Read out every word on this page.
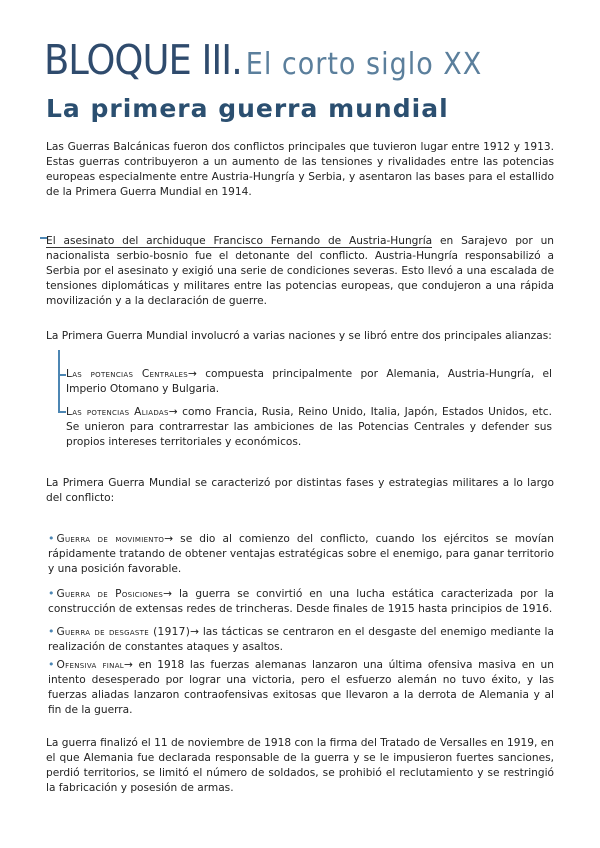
BLOQUE III. El corto siglo XX
La primera guerra mundial
Las Guerras Balcánicas fueron dos conflictos principales que tuvieron lugar entre 1912 y 1913. Estas guerras contribuyeron a un aumento de las tensiones y rivalidades entre las potencias europeas especialmente entre Austria-Hungría y Serbia, y asentaron las bases para el estallido de la Primera Guerra Mundial en 1914.
El asesinato del archiduque Francisco Fernando de Austria-Hungría en Sarajevo por un nacionalista serbio-bosnio fue el detonante del conflicto. Austria-Hungría responsabilizó a Serbia por el asesinato y exigió una serie de condiciones severas. Esto llevó a una escalada de tensiones diplomáticas y militares entre las potencias europeas, que condujeron a una rápida movilización y a la declaración de guerre.
La Primera Guerra Mundial involucró a varias naciones y se libró entre dos principales alianzas:
Las potencias Centrales→ compuesta principalmente por Alemania, Austria-Hungría, el Imperio Otomano y Bulgaria.
Las potencias Aliadas→ como Francia, Rusia, Reino Unido, Italia, Japón, Estados Unidos, etc. Se unieron para contrarrestar las ambiciones de las Potencias Centrales y defender sus propios intereses territoriales y económicos.
La Primera Guerra Mundial se caracterizó por distintas fases y estrategias militares a lo largo del conflicto:
• Guerra de movimiento→ se dio al comienzo del conflicto, cuando los ejércitos se movían rápidamente tratando de obtener ventajas estratégicas sobre el enemigo, para ganar territorio y una posición favorable.
• Guerra de Posiciones→ la guerra se convirtió en una lucha estática caracterizada por la construcción de extensas redes de trincheras. Desde finales de 1915 hasta principios de 1916.
• Guerra de desgaste (1917)→ las tácticas se centraron en el desgaste del enemigo mediante la realización de constantes ataques y asaltos.
• Ofensiva final→ en 1918 las fuerzas alemanas lanzaron una última ofensiva masiva en un intento desesperado por lograr una victoria, pero el esfuerzo alemán no tuvo éxito, y las fuerzas aliadas lanzaron contraofensivas exitosas que llevaron a la derrota de Alemania y al fin de la guerra.
La guerra finalizó el 11 de noviembre de 1918 con la firma del Tratado de Versalles en 1919, en el que Alemania fue declarada responsable de la guerra y se le impusieron fuertes sanciones, perdió territorios, se limitó el número de soldados, se prohibió el reclutamiento y se restringió la fabricación y posesión de armas.
